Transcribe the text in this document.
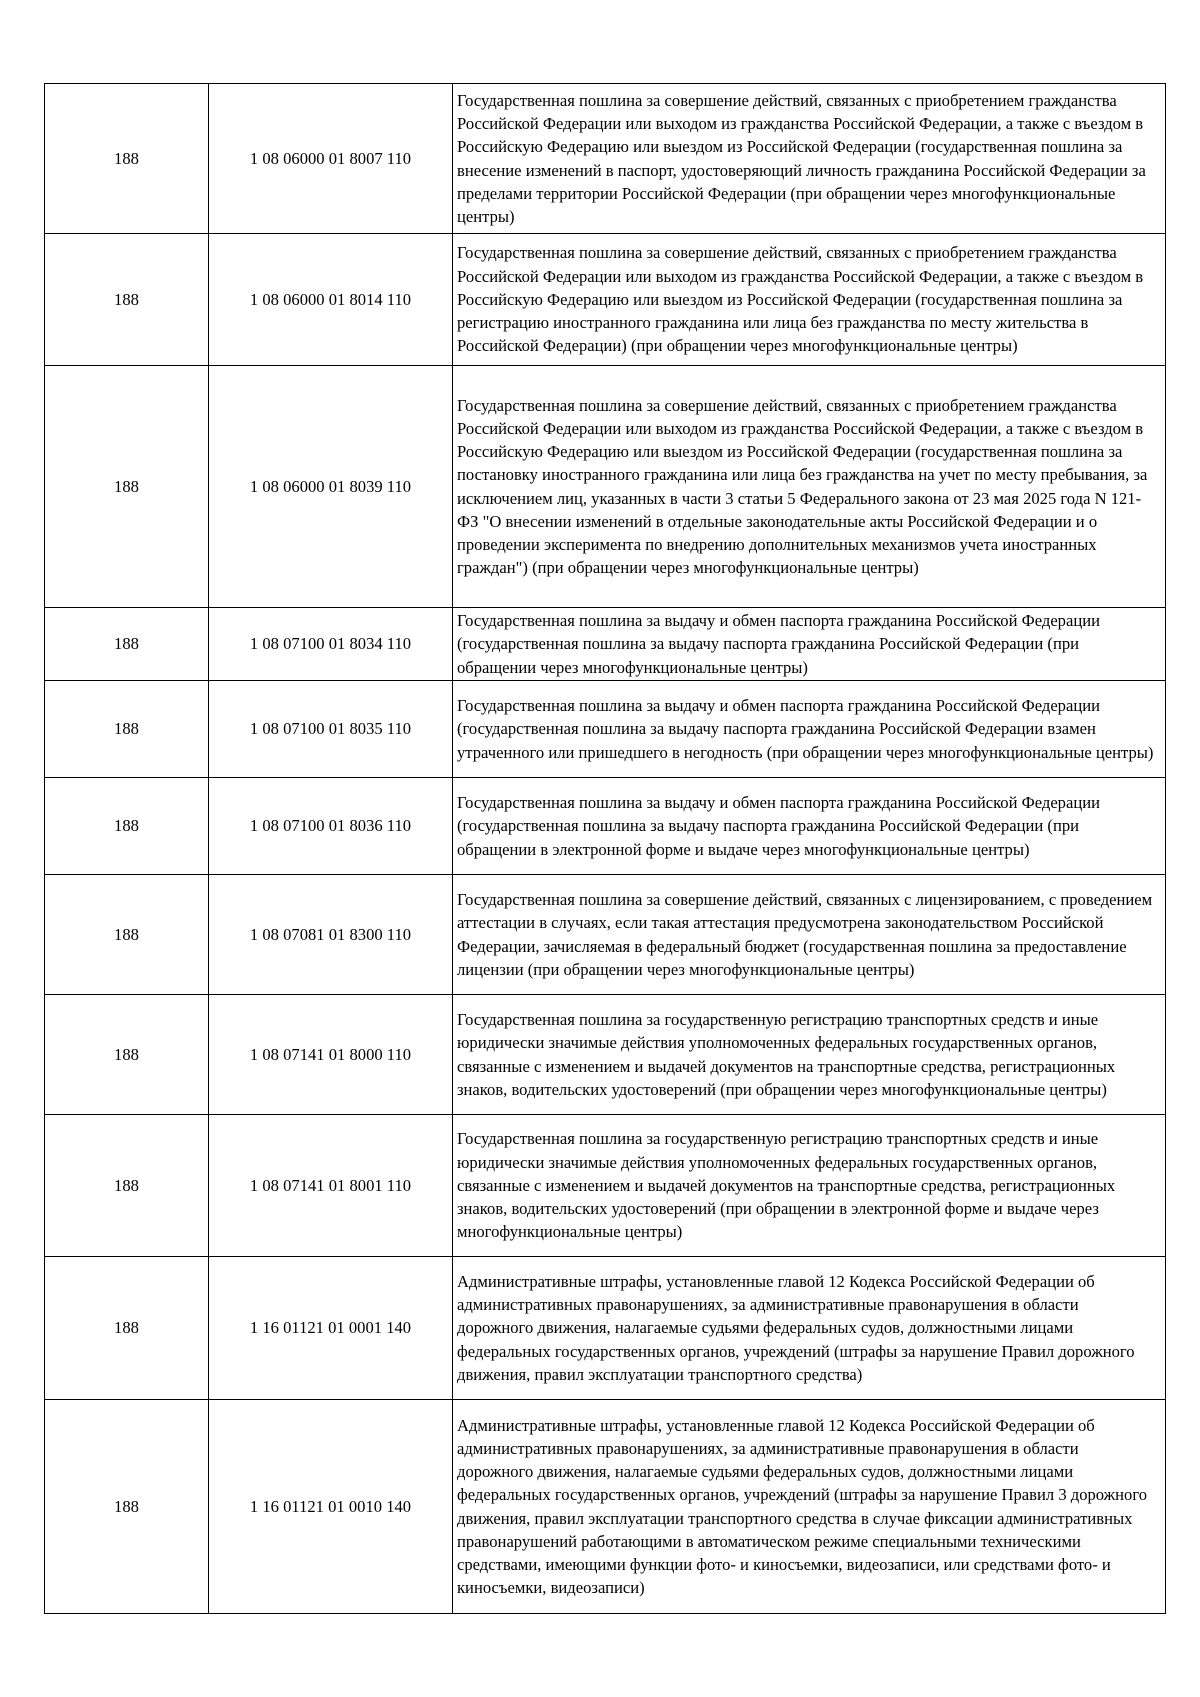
188	1 08 06000 01 8007 110	Государственная пошлина за совершение действий, связанных с приобретением гражданства Российской Федерации или выходом из гражданства Российской Федерации, а также с въездом в Российскую Федерацию или выездом из Российской Федерации (государственная пошлина за внесение изменений в паспорт, удостоверяющий личность гражданина Российской Федерации за пределами территории Российской Федерации (при обращении через многофункциональные центры)

188	1 08 06000 01 8014 110	Государственная пошлина за совершение действий, связанных с приобретением гражданства Российской Федерации или выходом из гражданства Российской Федерации, а также с въездом в Российскую Федерацию или выездом из Российской Федерации (государственная пошлина за регистрацию иностранного гражданина или лица без гражданства по месту жительства в Российской Федерации) (при обращении через многофункциональные центры)

188	1 08 06000 01 8039 110	Государственная пошлина за совершение действий, связанных с приобретением гражданства Российской Федерации или выходом из гражданства Российской Федерации, а также с въездом в Российскую Федерацию или выездом из Российской Федерации (государственная пошлина за постановку иностранного гражданина или лица без гражданства на учет по месту пребывания, за исключением лиц, указанных в части 3 статьи 5 Федерального закона от 23 мая 2025 года N 121-ФЗ "О внесении изменений в отдельные законодательные акты Российской Федерации и о проведении эксперимента по внедрению дополнительных механизмов учета иностранных граждан") (при обращении через многофункциональные центры)

188	1 08 07100 01 8034 110	Государственная пошлина за выдачу и обмен паспорта гражданина Российской Федерации (государственная пошлина за выдачу паспорта гражданина Российской Федерации (при обращении через многофункциональные центры)

188	1 08 07100 01 8035 110	Государственная пошлина за выдачу и обмен паспорта гражданина Российской Федерации (государственная пошлина за выдачу паспорта гражданина Российской Федерации взамен утраченного или пришедшего в негодность (при обращении через многофункциональные центры)

188	1 08 07100 01 8036 110	Государственная пошлина за выдачу и обмен паспорта гражданина Российской Федерации (государственная пошлина за выдачу паспорта гражданина Российской Федерации (при обращении в электронной форме и выдаче через многофункциональные центры)

188	1 08 07081 01 8300 110	Государственная пошлина за совершение действий, связанных с лицензированием, с проведением аттестации в случаях, если такая аттестация предусмотрена законодательством Российской Федерации, зачисляемая в федеральный бюджет (государственная пошлина за предоставление лицензии (при обращении через многофункциональные центры)

188	1 08 07141 01 8000 110	Государственная пошлина за государственную регистрацию транспортных средств и иные юридически значимые действия уполномоченных федеральных государственных органов, связанные с изменением и выдачей документов на транспортные средства, регистрационных знаков, водительских удостоверений (при обращении через многофункциональные центры)

188	1 08 07141 01 8001 110	Государственная пошлина за государственную регистрацию транспортных средств и иные юридически значимые действия уполномоченных федеральных государственных органов, связанные с изменением и выдачей документов на транспортные средства, регистрационных знаков, водительских удостоверений (при обращении в электронной форме и выдаче через многофункциональные центры)

188	1 16 01121 01 0001 140	Административные штрафы, установленные главой 12 Кодекса Российской Федерации об административных правонарушениях, за административные правонарушения в области дорожного движения, налагаемые судьями федеральных судов, должностными лицами федеральных государственных органов, учреждений (штрафы за нарушение Правил дорожного движения, правил эксплуатации транспортного средства)

188	1 16 01121 01 0010 140	Административные штрафы, установленные главой 12 Кодекса Российской Федерации об административных правонарушениях, за административные правонарушения в области дорожного движения, налагаемые судьями федеральных судов, должностными лицами федеральных государственных органов, учреждений (штрафы за нарушение Правил 3 дорожного движения, правил эксплуатации транспортного средства в случае фиксации административных правонарушений работающими в автоматическом режиме специальными техническими средствами, имеющими функции фото- и киносъемки, видеозаписи, или средствами фото- и киносъемки, видеозаписи)
